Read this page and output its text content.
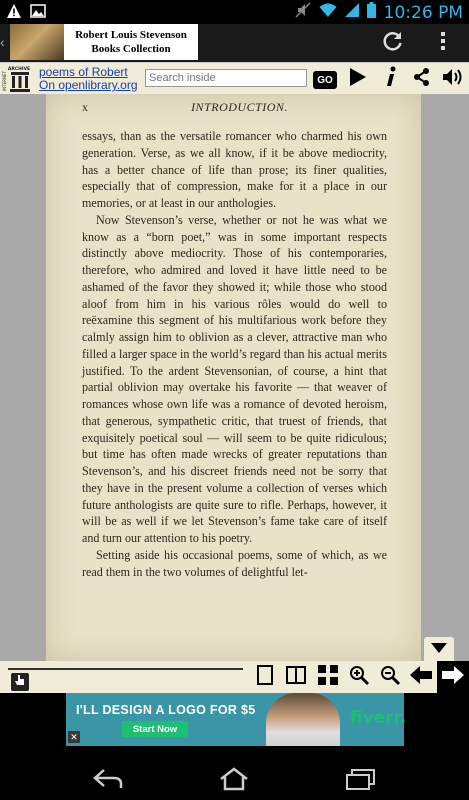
10:26 PM
‹	Robert Louis Stevenson
Books Collection
ARCHIVE
INTERNET	poems of Robert
On openlibrary.org
Search inside	GO
x	INTRODUCTION.

essays, than as the versatile romancer who charmed his own generation. Verse, as we all know, if it be above mediocrity, has a better chance of life than prose; its finer qualities, especially that of compression, make for it a place in our memories, or at least in our anthologies.

Now Stevenson’s verse, whether or not he was what we know as a “born poet,” was in some important respects distinctly above mediocrity. Those of his contemporaries, therefore, who admired and loved it have little need to be ashamed of the favor they showed it; while those who stood aloof from him in his various rôles would do well to reëxamine this segment of his multifarious work before they calmly assign him to oblivion as a clever, attractive man who filled a larger space in the world’s regard than his actual merits justified. To the ardent Stevensonian, of course, a hint that partial oblivion may overtake his favorite — that weaver of romances whose own life was a romance of devoted heroism, that generous, sympathetic critic, that truest of friends, that exquisitely poetical soul — will seem to be quite ridiculous; but time has often made wrecks of greater reputations than Stevenson’s, and his discreet friends need not be sorry that they have in the present volume a collection of verses which future anthologists are quite sure to rifle. Perhaps, however, it will be as well if we let Stevenson’s fame take care of itself and turn our attention to his poetry.

Setting aside his occasional poems, some of which, as we read them in the two volumes of delightful let-

I'LL DESIGN A LOGO FOR $5
Start Now
fiverr.
✕
